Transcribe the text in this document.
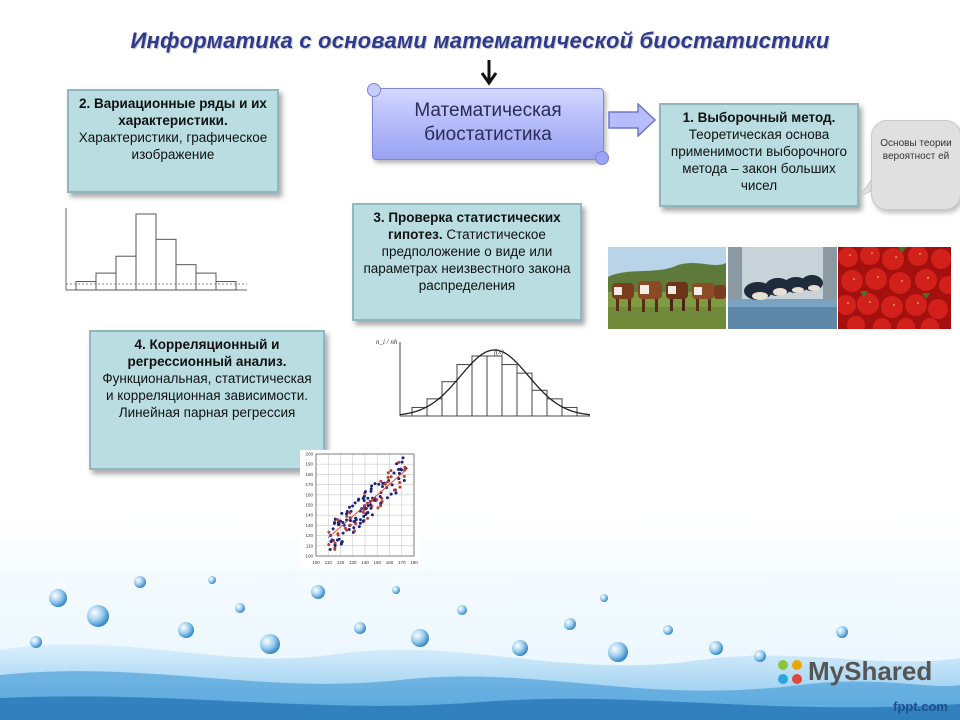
Информатика с основами математической биостатистики
Математическая биостатистика
1. Выборочный метод. Теоретическая основа применимости выборочного метода – закон больших чисел
Основы теории вероятност ей
2. Вариационные ряды и их характеристики. Характеристики, графическое изображение
3. Проверка статистических гипотез. Статистическое предположение о виде или параметрах неизвестного закона распределения
4. Корреляционный и регрессионный анализ. Функциональная, статистическая и корреляционная зависимости. Линейная парная регрессия
n_i / nh
f(x)
100 110 120 130 140 150 160 170 180
100
110
120
130
140
150
160
170
180
190
200
MyShared
fppt.com
